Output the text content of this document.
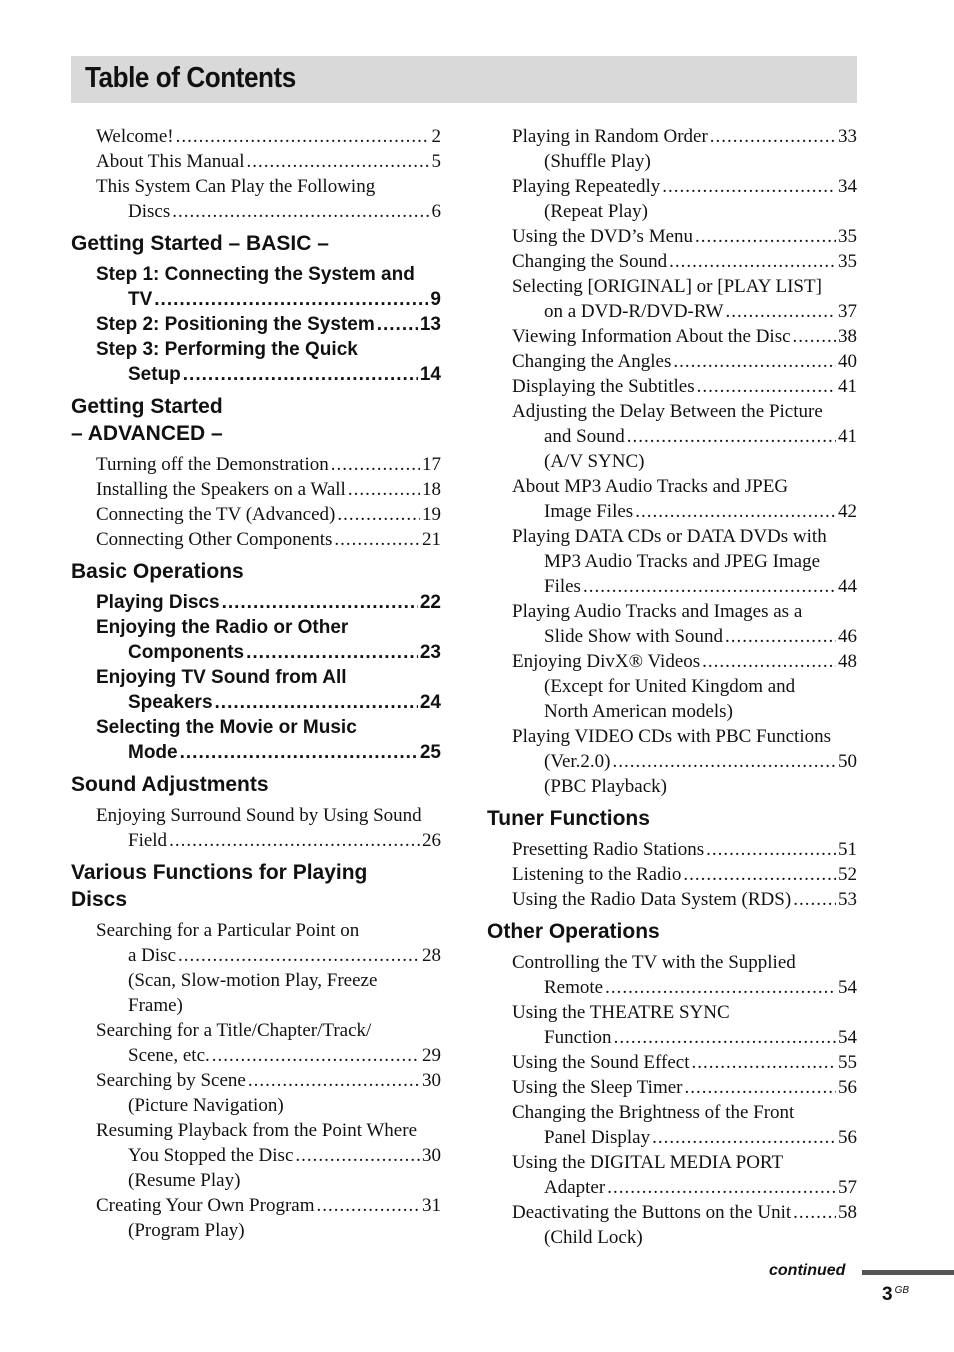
Table of Contents
Welcome! .....	2
About This Manual .....	5
This System Can Play the Following
Discs .....	6
Getting Started – BASIC –
Step 1: Connecting the System and
TV .....	9
Step 2: Positioning the System ..... 13
Step 3: Performing the Quick
Setup .....	14
Getting Started
– ADVANCED –
Turning off the Demonstration .....	17
Installing the Speakers on a Wall .....	18
Connecting the TV (Advanced) .....	19
Connecting Other Components .....	21
Basic Operations
Playing Discs .....	22
Enjoying the Radio or Other
Components .....	23
Enjoying TV Sound from All
Speakers .....	24
Selecting the Movie or Music
Mode .....	25
Sound Adjustments
Enjoying Surround Sound by Using Sound
Field .....	26
Various Functions for Playing
Discs
Searching for a Particular Point on
a Disc .....	28
(Scan, Slow-motion Play, Freeze
Frame)
Searching for a Title/Chapter/Track/
Scene, etc. .....	29
Searching by Scene .....	30
(Picture Navigation)
Resuming Playback from the Point Where
You Stopped the Disc .....	30
(Resume Play)
Creating Your Own Program .....	31
(Program Play)
Playing in Random Order .....	33
(Shuffle Play)
Playing Repeatedly .....	34
(Repeat Play)
Using the DVD’s Menu .....	35
Changing the Sound .....	35
Selecting [ORIGINAL] or [PLAY LIST]
on a DVD-R/DVD-RW .....	37
Viewing Information About the Disc ..... 38
Changing the Angles .....	40
Displaying the Subtitles .....	41
Adjusting the Delay Between the Picture
and Sound .....	41
(A/V SYNC)
About MP3 Audio Tracks and JPEG
Image Files .....	42
Playing DATA CDs or DATA DVDs with
MP3 Audio Tracks and JPEG Image
Files .....	44
Playing Audio Tracks and Images as a
Slide Show with Sound .....	46
Enjoying DivX® Videos .....	48
(Except for United Kingdom and
North American models)
Playing VIDEO CDs with PBC Functions
(Ver.2.0) .....	50
(PBC Playback)
Tuner Functions
Presetting Radio Stations .....	51
Listening to the Radio .....	52
Using the Radio Data System (RDS) ..... 53
Other Operations
Controlling the TV with the Supplied
Remote .....	54
Using the THEATRE SYNC
Function .....	54
Using the Sound Effect .....	55
Using the Sleep Timer .....	56
Changing the Brightness of the Front
Panel Display .....	56
Using the DIGITAL MEDIA PORT
Adapter .....	57
Deactivating the Buttons on the Unit ..... 58
(Child Lock)
continued
3 $^{GB}$
